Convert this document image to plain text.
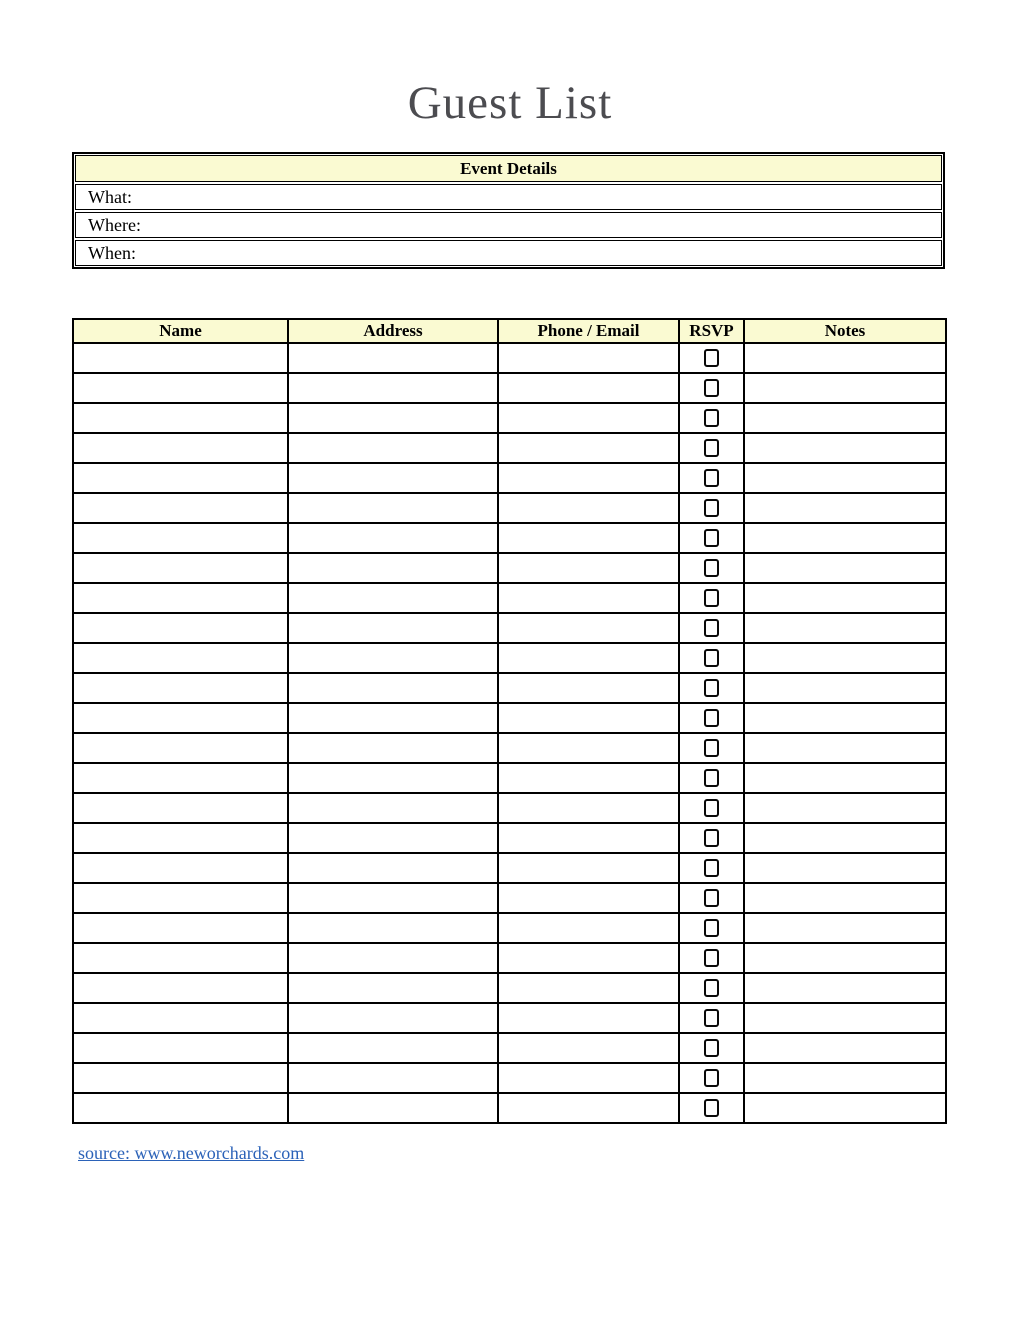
Guest List
Event Details
What:
Where:
When:
Name	Address	Phone / Email	RSVP	Notes

source: www.neworchards.com
